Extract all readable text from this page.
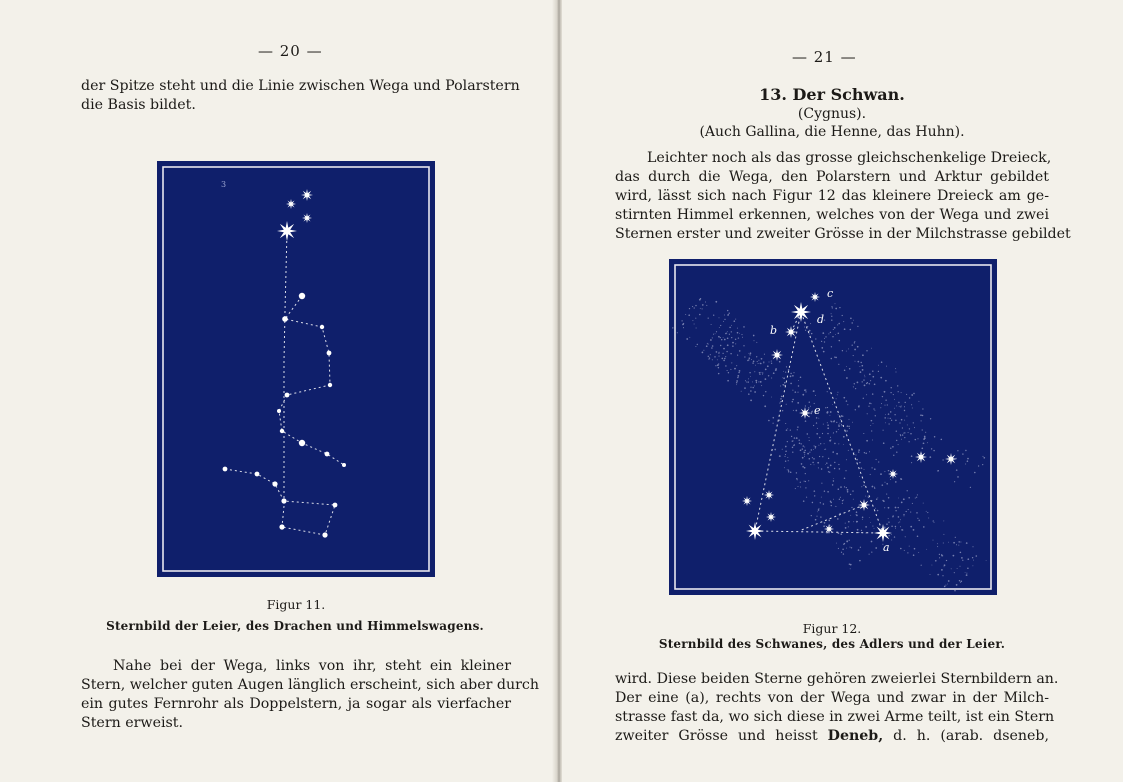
— 20 —
der Spitze steht und die Linie zwischen Wega und Polarstern
die Basis bildet.
3
Figur 11.
Sternbild der Leier, des Drachen und Himmelswagens.
Nahe bei der Wega, links von ihr, steht ein kleiner
Stern, welcher guten Augen länglich erscheint, sich aber durch
ein gutes Fernrohr als Doppelstern, ja sogar als vierfacher
Stern erweist.
— 21 —
13. Der Schwan.
(Cygnus).
(Auch Gallina, die Henne, das Huhn).
Leichter noch als das grosse gleichschenkelige Dreieck,
das durch die Wega, den Polarstern und Arktur gebildet
wird, lässt sich nach Figur 12 das kleinere Dreieck am ge-
stirnten Himmel erkennen, welches von der Wega und zwei
Sternen erster und zweiter Grösse in der Milchstrasse gebildet
c
d
b
e
a
Figur 12.
Sternbild des Schwanes, des Adlers und der Leier.
wird. Diese beiden Sterne gehören zweierlei Sternbildern an.
Der eine (a), rechts von der Wega und zwar in der Milch-
strasse fast da, wo sich diese in zwei Arme teilt, ist ein Stern
zweiter Grösse und heisst Deneb, d. h. (arab. dseneb,
